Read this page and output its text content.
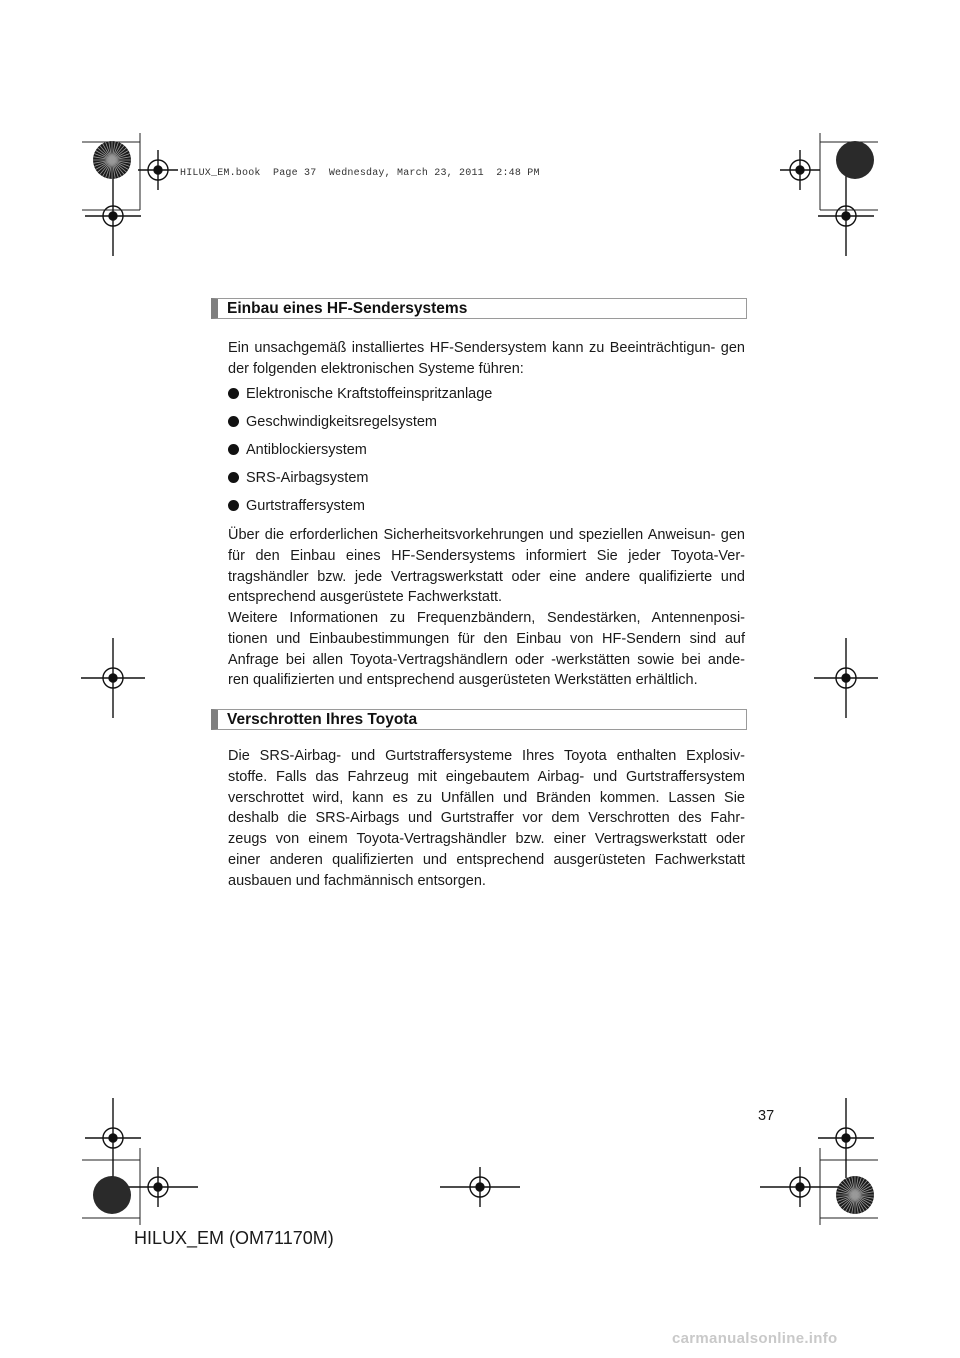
HILUX_EM.book  Page 37  Wednesday, March 23, 2011  2:48 PM
Einbau eines HF-Sendersystems

Ein unsachgemäß installiertes HF-Sendersystem kann zu Beeinträchtigun- gen der folgenden elektronischen Systeme führen:

Elektronische Kraftstoffeinspritzanlage
Geschwindigkeitsregelsystem
Antiblockiersystem
SRS-Airbagsystem
Gurtstraffersystem

Über die erforderlichen Sicherheitsvorkehrungen und speziellen Anweisun- gen für den Einbau eines HF-Sendersystems informiert Sie jeder Toyota-Ver- tragshändler bzw. jede Vertragswerkstatt oder eine andere qualifizierte und entsprechend ausgerüstete Fachwerkstatt.

Weitere Informationen zu Frequenzbändern, Sendestärken, Antennenposi- tionen und Einbaubestimmungen für den Einbau von HF-Sendern sind auf Anfrage bei allen Toyota-Vertragshändlern oder -werkstätten sowie bei ande- ren qualifizierten und entsprechend ausgerüsteten Werkstätten erhältlich.

Verschrotten Ihres Toyota

Die SRS-Airbag- und Gurtstraffersysteme Ihres Toyota enthalten Explosiv- stoffe. Falls das Fahrzeug mit eingebautem Airbag- und Gurtstraffersystem verschrottet wird, kann es zu Unfällen und Bränden kommen. Lassen Sie deshalb die SRS-Airbags und Gurtstraffer vor dem Verschrotten des Fahr- zeugs von einem Toyota-Vertragshändler bzw. einer Vertragswerkstatt oder einer anderen qualifizierten und entsprechend ausgerüsteten Fachwerkstatt ausbauen und fachmännisch entsorgen.

37
HILUX_EM (OM71170M)
carmanualsonline.info
